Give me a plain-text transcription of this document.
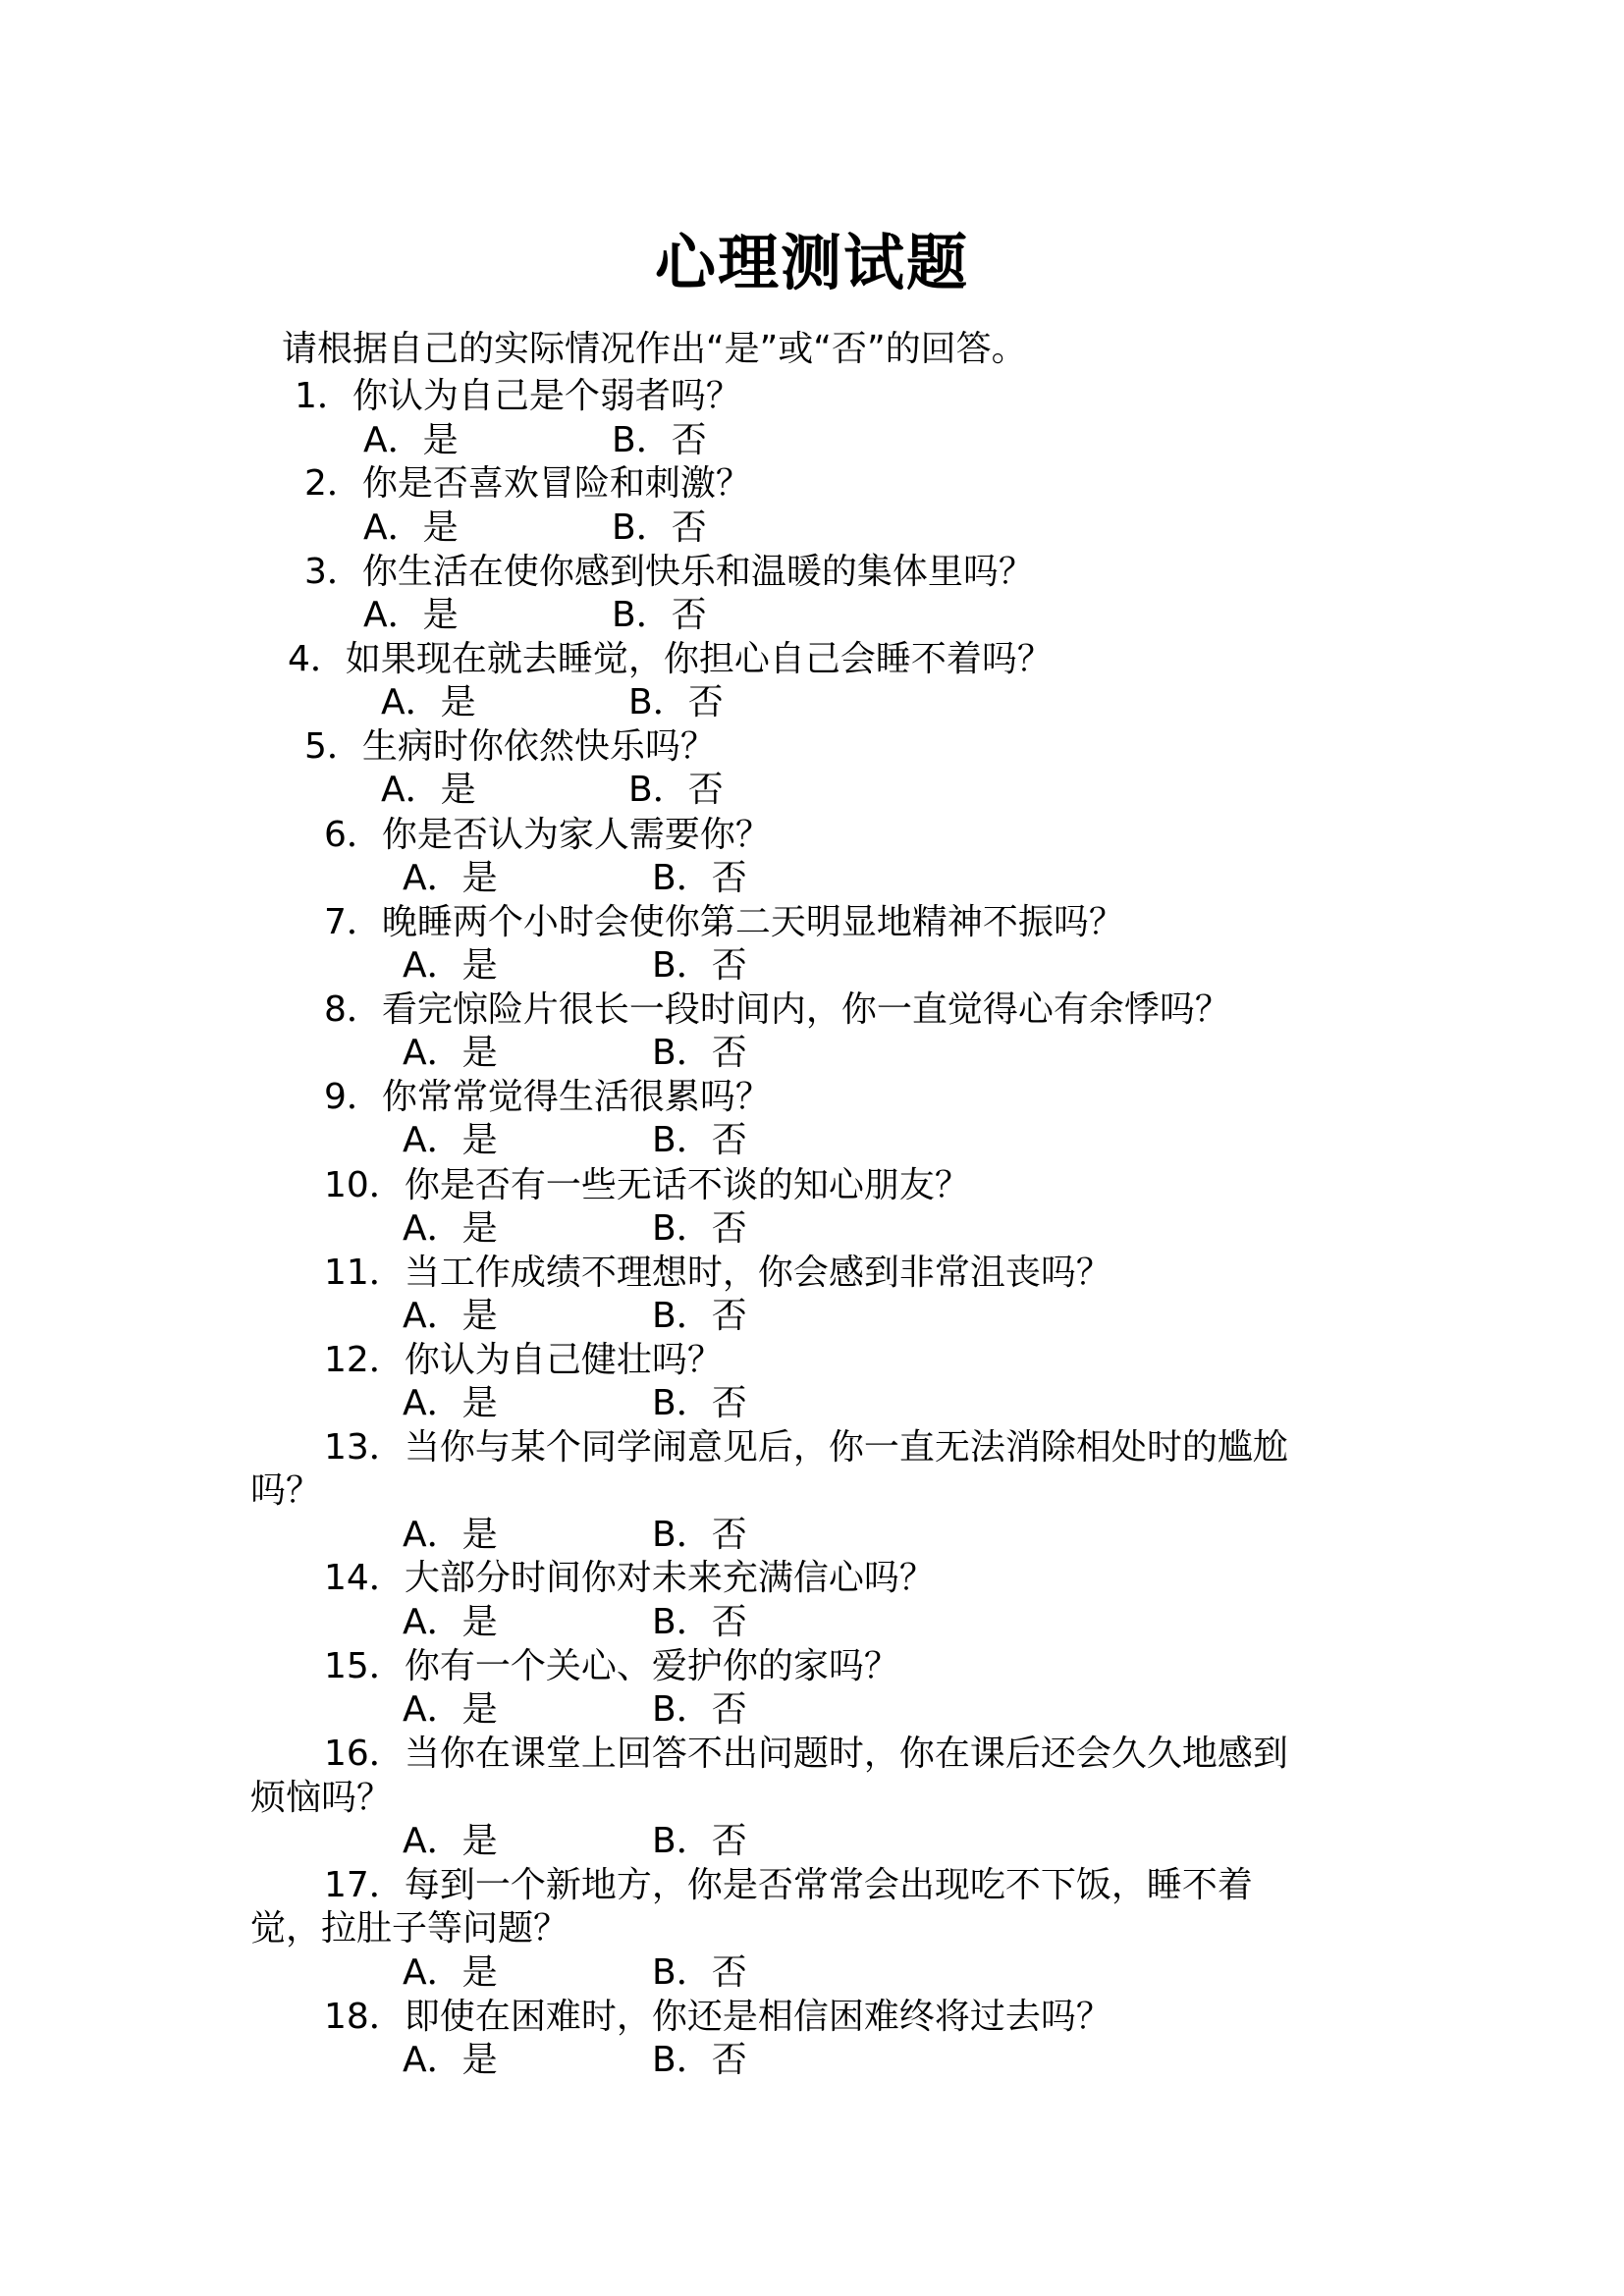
心理测试题
请根据自己的实际情况作出“是”或“否”的回答。
1．你认为自己是个弱者吗？
A．是	B．否
2．你是否喜欢冒险和刺激？
A．是	B．否
3．你生活在使你感到快乐和温暖的集体里吗？
A．是	B．否
4．如果现在就去睡觉，你担心自己会睡不着吗？
A．是	B．否
5．生病时你依然快乐吗？
A．是	B．否
6．你是否认为家人需要你？
A．是	B．否
7．晚睡两个小时会使你第二天明显地精神不振吗？
A．是	B．否
8．看完惊险片很长一段时间内，你一直觉得心有余悸吗？
A．是	B．否
9．你常常觉得生活很累吗？
A．是	B．否
10．你是否有一些无话不谈的知心朋友？
A．是	B．否
11．当工作成绩不理想时，你会感到非常沮丧吗？
A．是	B．否
12．你认为自己健壮吗？
A．是	B．否
13．当你与某个同学闹意见后，你一直无法消除相处时的尴尬
吗？
A．是	B．否
14．大部分时间你对未来充满信心吗？
A．是	B．否
15．你有一个关心、爱护你的家吗？
A．是	B．否
16．当你在课堂上回答不出问题时，你在课后还会久久地感到
烦恼吗？
A．是	B．否
17．每到一个新地方，你是否常常会出现吃不下饭，睡不着
觉，拉肚子等问题？
A．是	B．否
18．即使在困难时，你还是相信困难终将过去吗？
A．是	B．否
